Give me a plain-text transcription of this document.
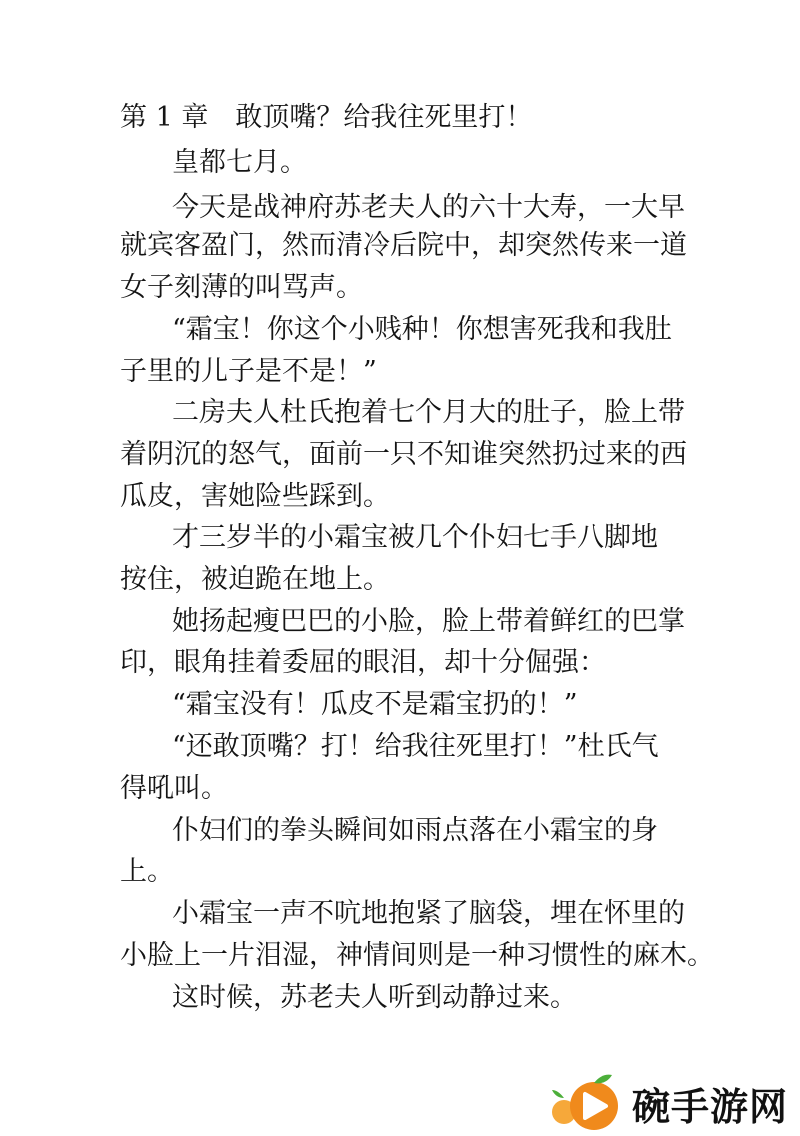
第 1 章　敢顶嘴？给我往死里打！

皇都七月。

今天是战神府苏老夫人的六十大寿，一大早

就宾客盈门，然而清冷后院中，却突然传来一道

女子刻薄的叫骂声。

“霜宝！你这个小贱种！你想害死我和我肚

子里的儿子是不是！”

二房夫人杜氏抱着七个月大的肚子，脸上带

着阴沉的怒气，面前一只不知谁突然扔过来的西

瓜皮，害她险些踩到。

才三岁半的小霜宝被几个仆妇七手八脚地

按住，被迫跪在地上。

她扬起瘦巴巴的小脸，脸上带着鲜红的巴掌

印，眼角挂着委屈的眼泪，却十分倔强：

“霜宝没有！瓜皮不是霜宝扔的！”

“还敢顶嘴？打！给我往死里打！”杜氏气

得吼叫。

仆妇们的拳头瞬间如雨点落在小霜宝的身

上。

小霜宝一声不吭地抱紧了脑袋，埋在怀里的

小脸上一片泪湿，神情间则是一种习惯性的麻木。

这时候，苏老夫人听到动静过来。

碗手游网
